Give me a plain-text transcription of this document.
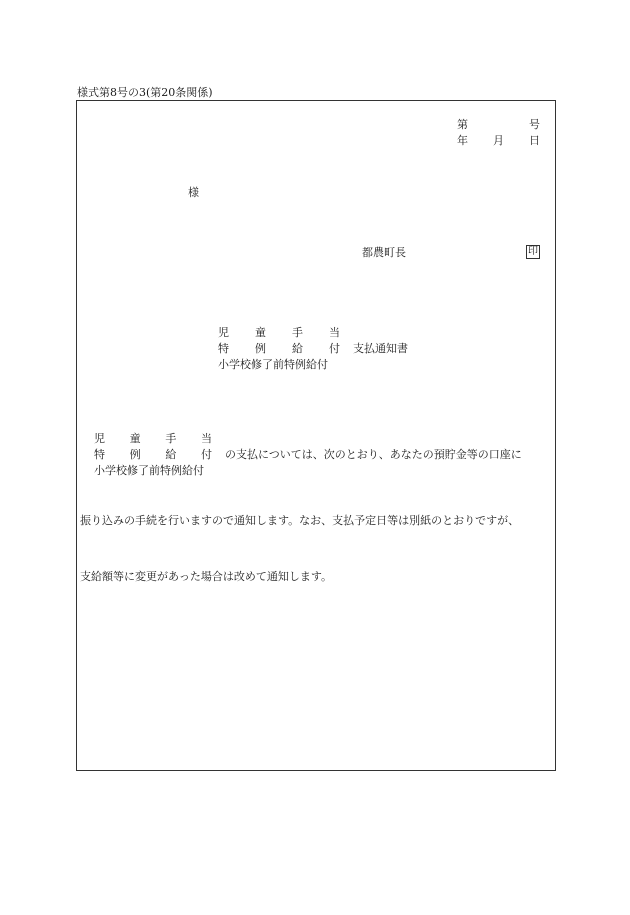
様式第8号の3(第20条関係)
第	号
年 月 日
様
都農町長	印
児 童 手 当
特 例 給 付 支払通知書
小学校修了前特例給付
児 童 手 当
特 例 給 付 の支払については、次のとおり、あなたの預貯金等の口座に
小学校修了前特例給付
振り込みの手続を行いますので通知します。なお、支払予定日等は別紙のとおりですが、
支給額等に変更があった場合は改めて通知します。
